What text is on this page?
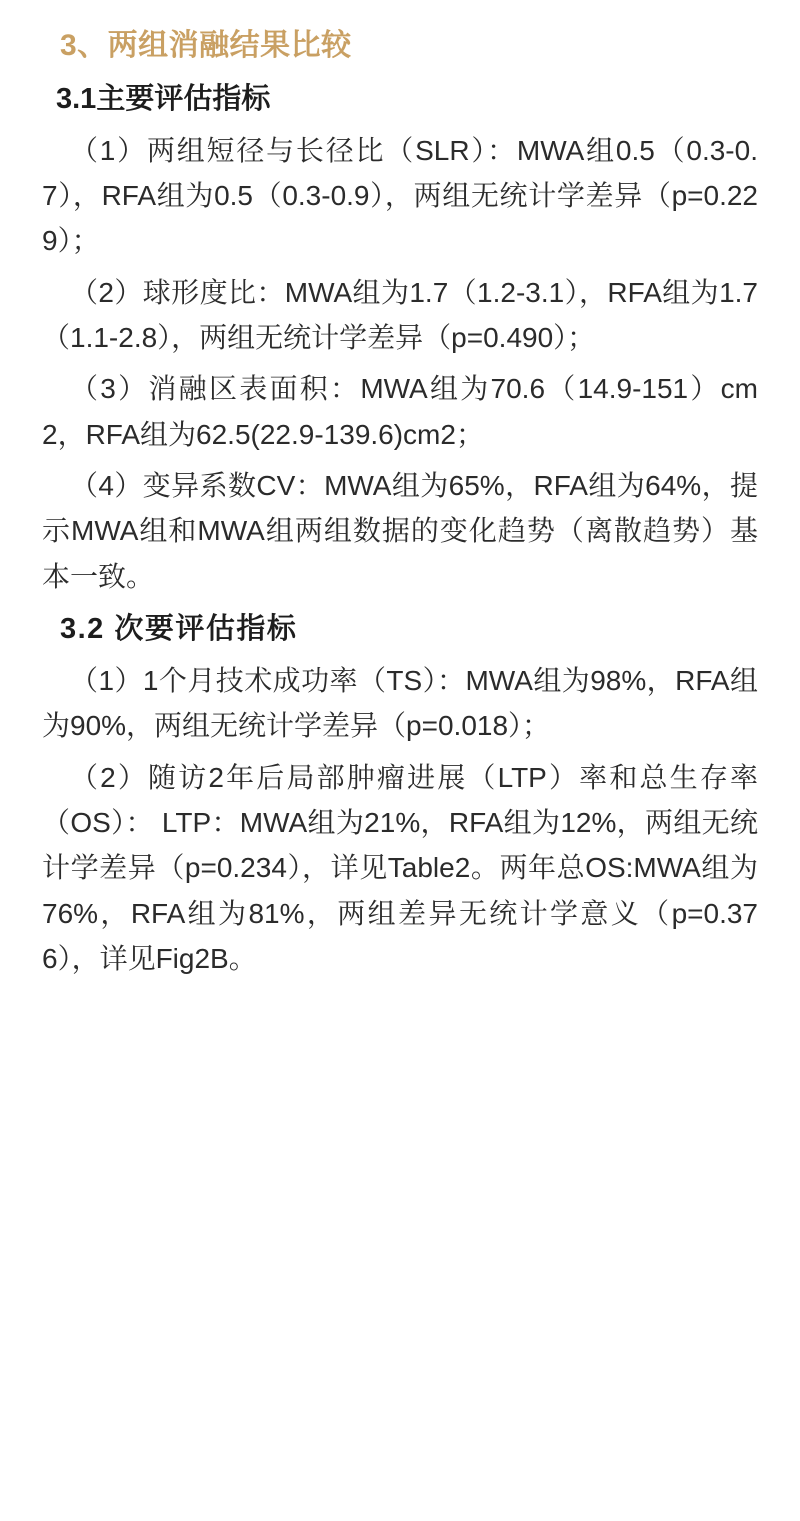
3、两组消融结果比较
3.1主要评估指标

（1）两组短径与长径比（SLR）：MWA组0.5（0.3-0.7），RFA组为0.5（0.3-0.9），两组无统计学差异（p=0.229）；

（2）球形度比：MWA组为1.7（1.2-3.1），RFA组为1.7（1.1-2.8），两组无统计学差异（p=0.490）；

（3）消融区表面积：MWA组为70.6（14.9-151）cm2，RFA组为62.5(22.9-139.6)cm2；

（4）变异系数CV：MWA组为65%，RFA组为64%，提示MWA组和MWA组两组数据的变化趋势（离散趋势）基本一致。

3.2 次要评估指标

（1）1个月技术成功率（TS）：MWA组为98%，RFA组为90%，两组无统计学差异（p=0.018）；

（2）随访2年后局部肿瘤进展（LTP）率和总生存率（OS）： LTP：MWA组为21%，RFA组为12%，两组无统计学差异（p=0.234），详见Table2。两年总OS:MWA组为76%，RFA组为81%，两组差异无统计学意义（p=0.376），详见Fig2B。
